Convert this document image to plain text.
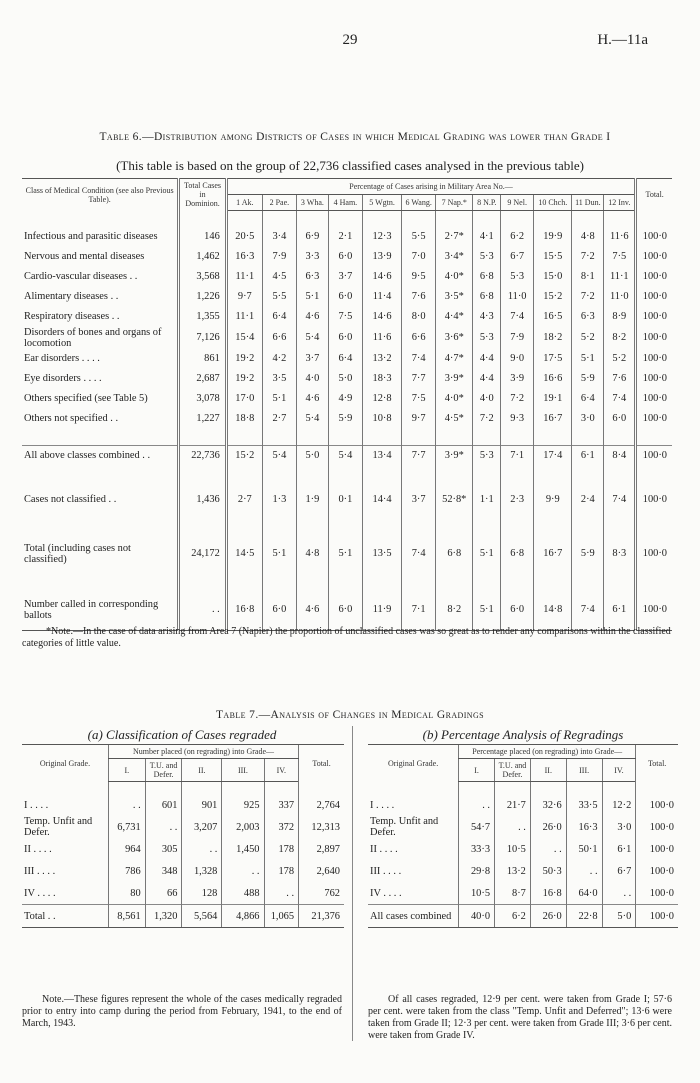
29	H.—11a
Table 6.—Distribution among Districts of Cases in which Medical Grading was lower than Grade I
(This table is based on the group of 22,736 classified cases analysed in the previous table)
Class of Medical Condition (see also Previous Table).	Total Cases in Dominion.	Percentage of Cases arising in Military Area No.—												Total.
		1 Ak.	2 Pae.	3 Wha.	4 Ham.	5 Wgtn.	6 Wang.	7 Nap.*	8 N.P.	9 Nel.	10 Chch.	11 Dun.	12 Inv.	

Infectious and parasitic diseases	146	20·5	3·4	6·9	2·1	12·3	5·5	2·7*	4·1	6·2	19·9	4·8	11·6	100·0
Nervous and mental diseases	1,462	16·3	7·9	3·3	6·0	13·9	7·0	3·4*	5·3	6·7	15·5	7·2	7·5	100·0
Cardio-vascular diseases . .	3,568	11·1	4·5	6·3	3·7	14·6	9·5	4·0*	6·8	5·3	15·0	8·1	11·1	100·0
Alimentary diseases . .	1,226	9·7	5·5	5·1	6·0	11·4	7·6	3·5*	6·8	11·0	15·2	7·2	11·0	100·0
Respiratory diseases . .	1,355	11·1	6·4	4·6	7·5	14·6	8·0	4·4*	4·3	7·4	16·5	6·3	8·9	100·0
Disorders of bones and organs of locomotion	7,126	15·4	6·6	5·4	6·0	11·6	6·6	3·6*	5·3	7·9	18·2	5·2	8·2	100·0
Ear disorders . . . .	861	19·2	4·2	3·7	6·4	13·2	7·4	4·7*	4·4	9·0	17·5	5·1	5·2	100·0
Eye disorders . . . .	2,687	19·2	3·5	4·0	5·0	18·3	7·7	3·9*	4·4	3·9	16·6	5·9	7·6	100·0
Others specified (see Table 5)	3,078	17·0	5·1	4·6	4·9	12·8	7·5	4·0*	4·0	7·2	19·1	6·4	7·4	100·0
Others not specified . .	1,227	18·8	2·7	5·4	5·9	10·8	9·7	4·5*	7·2	9·3	16·7	3·0	6·0	100·0

All above classes combined . .	22,736	15·2	5·4	5·0	5·4	13·4	7·7	3·9*	5·3	7·1	17·4	6·1	8·4	100·0

Cases not classified . .	1,436	2·7	1·3	1·9	0·1	14·4	3·7	52·8*	1·1	2·3	9·9	2·4	7·4	100·0

Total (including cases not classified)	24,172	14·5	5·1	4·8	5·1	13·5	7·4	6·8	5·1	6·8	16·7	5·9	8·3	100·0

Number called in corresponding ballots	. .	16·8	6·0	4·6	6·0	11·9	7·1	8·2	5·1	6·0	14·8	7·4	6·1	100·0
*Note.—In the case of data arising from Area 7 (Napier) the proportion of unclassified cases was so great as to render any comparisons within the classified categories of little value.
Table 7.—Analysis of Changes in Medical Gradings
(a) Classification of Cases regraded	(b) Percentage Analysis of Regradings
Original Grade.	Number placed (on regrading) into Grade—					Total.
	I.	T.U. and Defer.	II.	III.	IV.	

I . . . .	. .	601	901	925	337	2,764
Temp. Unfit and Defer.	6,731	. .	3,207	2,003	372	12,313
II . . . .	964	305	. .	1,450	178	2,897
III . . . .	786	348	1,328	. .	178	2,640
IV . . . .	80	66	128	488	. .	762
Total . .	8,561	1,320	5,564	4,866	1,065	21,376
Original Grade.	Percentage placed (on regrading) into Grade—					Total.
	I.	T.U. and Defer.	II.	III.	IV.	

I . . . .	. .	21·7	32·6	33·5	12·2	100·0
Temp. Unfit and Defer.	54·7	. .	26·0	16·3	3·0	100·0
II . . . .	33·3	10·5	. .	50·1	6·1	100·0
III . . . .	29·8	13·2	50·3	. .	6·7	100·0
IV . . . .	10·5	8·7	16·8	64·0	. .	100·0
All cases combined	40·0	6·2	26·0	22·8	5·0	100·0
Note.—These figures represent the whole of the cases medically regraded prior to entry into camp during the period from February, 1941, to the end of March, 1943.
Of all cases regraded, 12·9 per cent. were taken from Grade I; 57·6 per cent. were taken from the class "Temp. Unfit and Deferred"; 13·6 were taken from Grade II; 12·3 per cent. were taken from Grade III; 3·6 per cent. were taken from Grade IV.
